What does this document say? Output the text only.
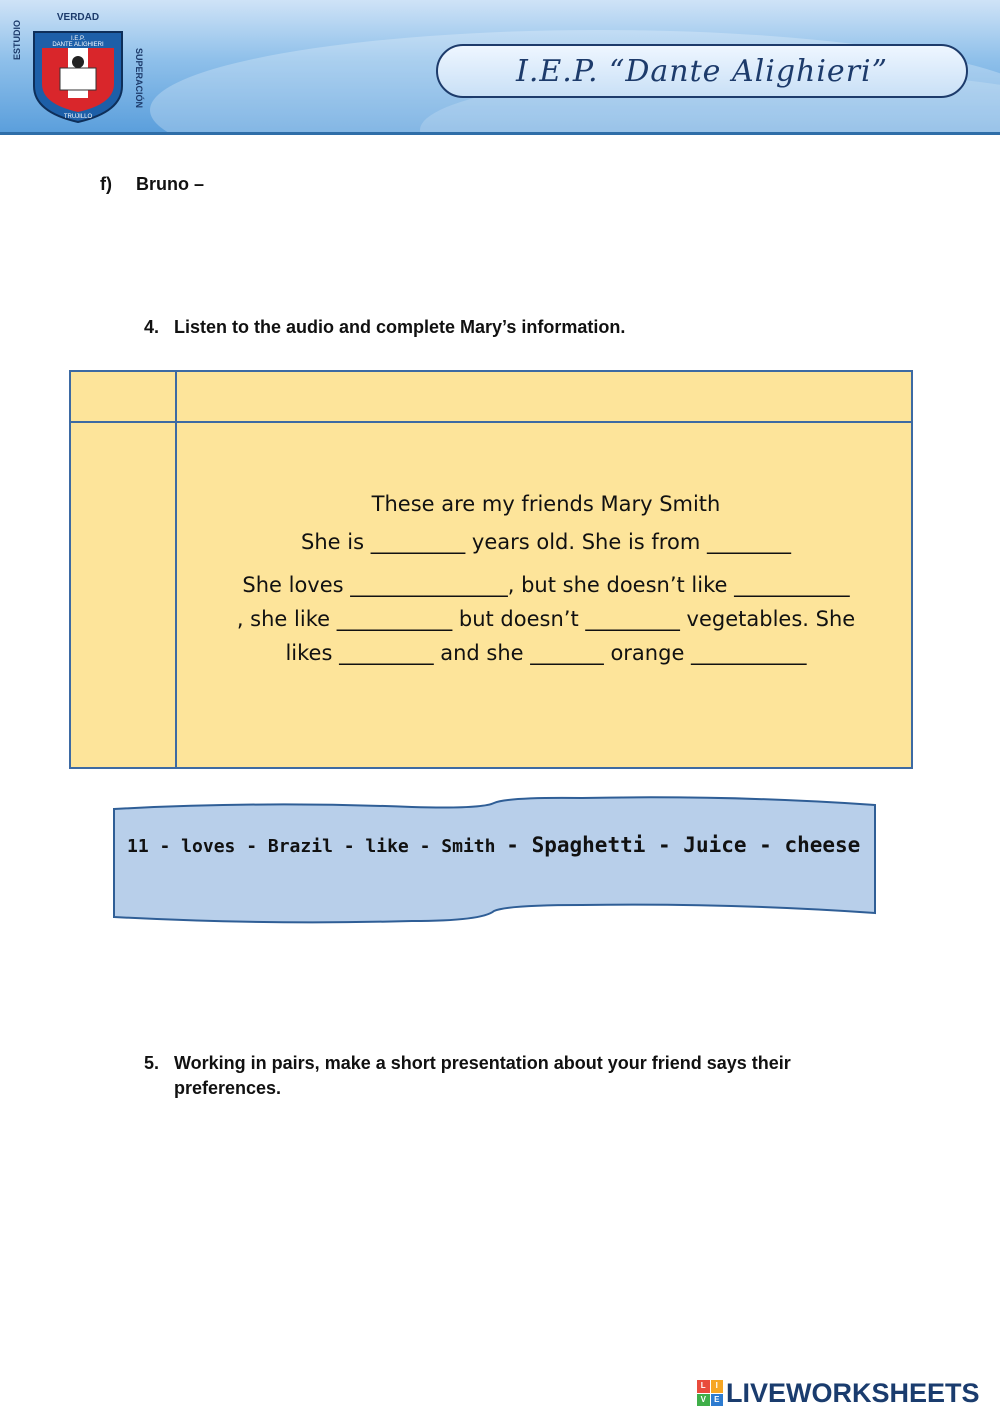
VERDAD
ESTUDIO
SUPERACIÓN
I.E.P.
DANTE ALIGHIERI
TRUJILLO
I.E.P. “Dante Alighieri”
f) Bruno –
4. Listen to the audio and complete Mary’s information.
These are my friends Mary Smith
She is _________ years old. She is from ________
She loves _______________, but she doesn’t like ___________
, she like ___________ but doesn’t _________ vegetables. She
likes _________ and she _______ orange ___________
11 - loves - Brazil - like - Smith - Spaghetti - Juice - cheese
5. Working in pairs, make a short presentation about your friend says their preferences.
L	I
V	E LIVEWORKSHEETS
